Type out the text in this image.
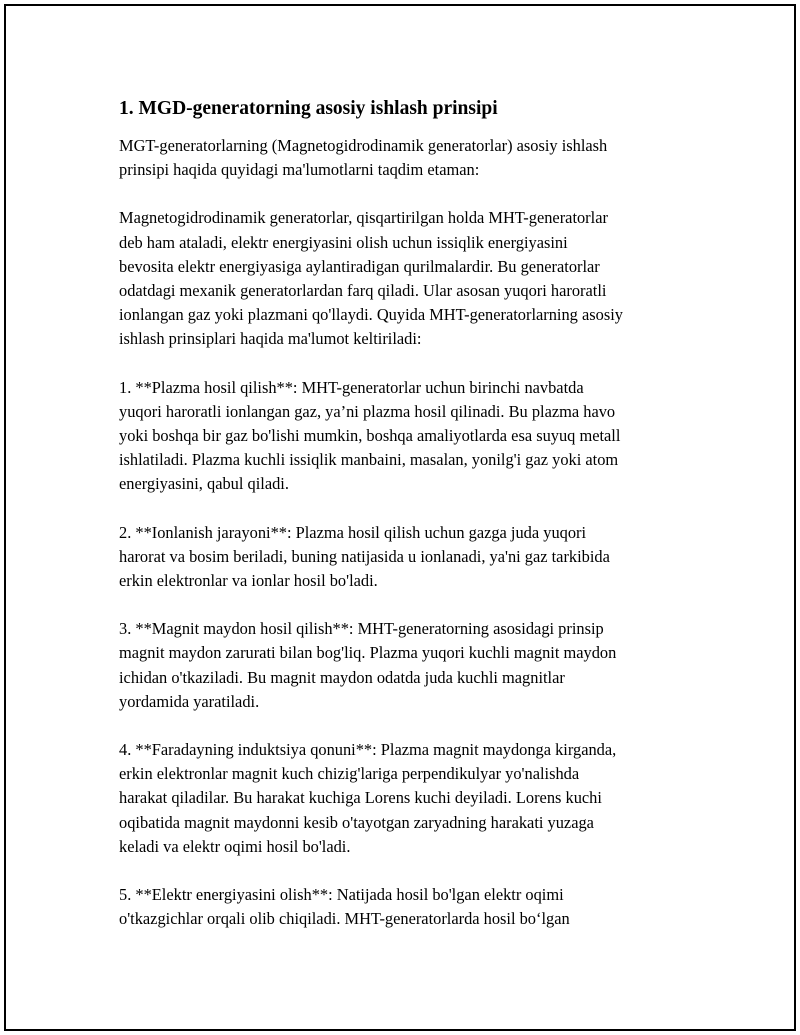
1. MGD-generatorning asosiy ishlash prinsipi

MGT-generatorlarning (Magnetogidrodinamik generatorlar) asosiy ishlash
prinsipi haqida quyidagi ma'lumotlarni taqdim etaman:

Magnetogidrodinamik generatorlar, qisqartirilgan holda MHT-generatorlar
deb ham ataladi, elektr energiyasini olish uchun issiqlik energiyasini
bevosita elektr energiyasiga aylantiradigan qurilmalardir. Bu generatorlar
odatdagi mexanik generatorlardan farq qiladi. Ular asosan yuqori haroratli
ionlangan gaz yoki plazmani qo'llaydi. Quyida MHT-generatorlarning asosiy
ishlash prinsiplari haqida ma'lumot keltiriladi:

1. **Plazma hosil qilish**: MHT-generatorlar uchun birinchi navbatda
yuqori haroratli ionlangan gaz, ya’ni plazma hosil qilinadi. Bu plazma havo
yoki boshqa bir gaz bo'lishi mumkin, boshqa amaliyotlarda esa suyuq metall
ishlatiladi. Plazma kuchli issiqlik manbaini, masalan, yonilg'i gaz yoki atom
energiyasini, qabul qiladi.

2. **Ionlanish jarayoni**: Plazma hosil qilish uchun gazga juda yuqori
harorat va bosim beriladi, buning natijasida u ionlanadi, ya'ni gaz tarkibida
erkin elektronlar va ionlar hosil bo'ladi.

3. **Magnit maydon hosil qilish**: MHT-generatorning asosidagi prinsip
magnit maydon zarurati bilan bog'liq. Plazma yuqori kuchli magnit maydon
ichidan o'tkaziladi. Bu magnit maydon odatda juda kuchli magnitlar
yordamida yaratiladi.

4. **Faradayning induktsiya qonuni**: Plazma magnit maydonga kirganda,
erkin elektronlar magnit kuch chizig'lariga perpendikulyar yo'nalishda
harakat qiladilar. Bu harakat kuchiga Lorens kuchi deyiladi. Lorens kuchi
oqibatida magnit maydonni kesib o'tayotgan zaryadning harakati yuzaga
keladi va elektr oqimi hosil bo'ladi.

5. **Elektr energiyasini olish**: Natijada hosil bo'lgan elektr oqimi
o'tkazgichlar orqali olib chiqiladi. MHT-generatorlarda hosil bo‘lgan
